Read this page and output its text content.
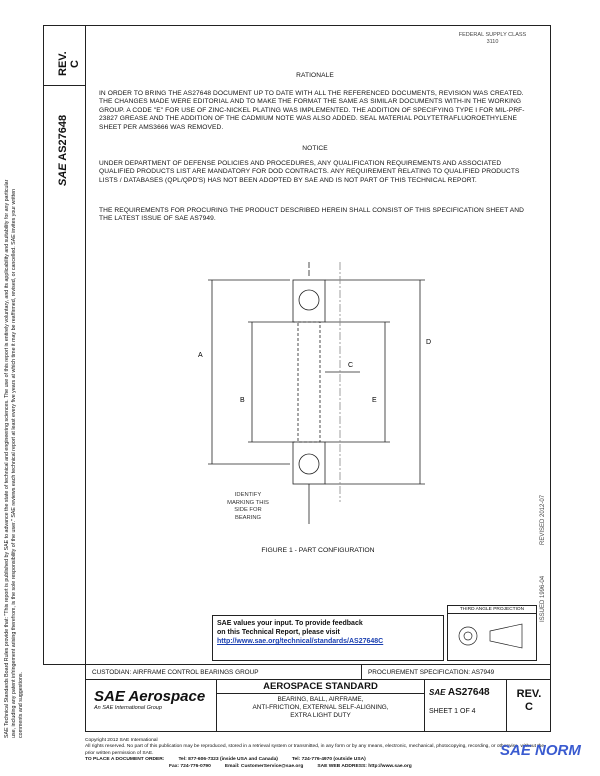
SAE Technical Standards Board Rules provide that: "This report is published by SAE to advance the state of technical and engineering sciences. The use of this report is entirely voluntary, and its applicability and suitability for any particular use, including any patent infringement arising therefrom, is the sole responsibility of the user." SAE reviews each technical report at least every five years at which time it may be reaffirmed, revised, or cancelled. SAE invites your written comments and suggestions.
REV. C
SAE AS27648
FEDERAL SUPPLY CLASS
3110
RATIONALE
IN ORDER TO BRING THE AS27648 DOCUMENT UP TO DATE WITH ALL THE REFERENCED DOCUMENTS, REVISION WAS CREATED. THE CHANGES MADE WERE EDITORIAL AND TO MAKE THE FORMAT THE SAME AS SIMILAR DOCUMENTS WITH-IN THE WORKING GROUP. A CODE "E" FOR USE OF ZINC-NICKEL PLATING WAS IMPLEMENTED. THE ADDITION OF SPECIFYING TYPE I FOR MIL-PRF-23827 GREASE AND THE ADDITION OF THE CADMIUM NOTE WAS ALSO ADDED. SEAL MATERIAL POLYTETRAFLUOROETHYLENE SHEET PER AMS3666 WAS REMOVED.
NOTICE
UNDER DEPARTMENT OF DEFENSE POLICIES AND PROCEDURES, ANY QUALIFICATION REQUIREMENTS AND ASSOCIATED QUALIFIED PRODUCTS LIST ARE MANDATORY FOR DOD CONTRACTS. ANY REQUIREMENT RELATING TO QUALIFIED PRODUCTS LISTS / DATABASES (QPL/QPD'S) HAS NOT BEEN ADOPTED BY SAE AND IS NOT PART OF THIS TECHNICAL REPORT.
THE REQUIREMENTS FOR PROCURING THE PRODUCT DESCRIBED HEREIN SHALL CONSIST OF THIS SPECIFICATION SHEET AND THE LATEST ISSUE OF SAE AS7949.
A
B
C
D
E
IDENTIFY
MARKING THIS
SIDE FOR
BEARING
FIGURE 1 - PART CONFIGURATION
REVISED 2012-07
ISSUED 1996-04
SAE values your input. To provide feedback
on this Technical Report, please visit
http://www.sae.org/technical/standards/AS27648C
THIRD ANGLE PROJECTION
CUSTODIAN: AIRFRAME CONTROL BEARINGS GROUP	PROCUREMENT SPECIFICATION: AS7949
SAE Aerospace
An SAE International Group
AEROSPACE STANDARD
BEARING, BALL, AIRFRAME,
ANTI-FRICTION, EXTERNAL SELF-ALIGNING,
EXTRA LIGHT DUTY
SAE AS27648
SHEET 1 OF 4
REV.
C
Copyright 2012 SAE International
All rights reserved. No part of this publication may be reproduced, stored in a retrieval system or transmitted, in any form or by any means, electronic, mechanical, photocopying, recording, or otherwise, without the prior written permission of SAE.
TO PLACE A DOCUMENT ORDER:	Tel: 877-606-7323 (inside USA and Canada)	Tel: 724-776-4970 (outside USA)
Fax: 724-776-0790	Email: CustomerService@sae.org	SAE WEB ADDRESS: http://www.sae.org
SAE NORM
